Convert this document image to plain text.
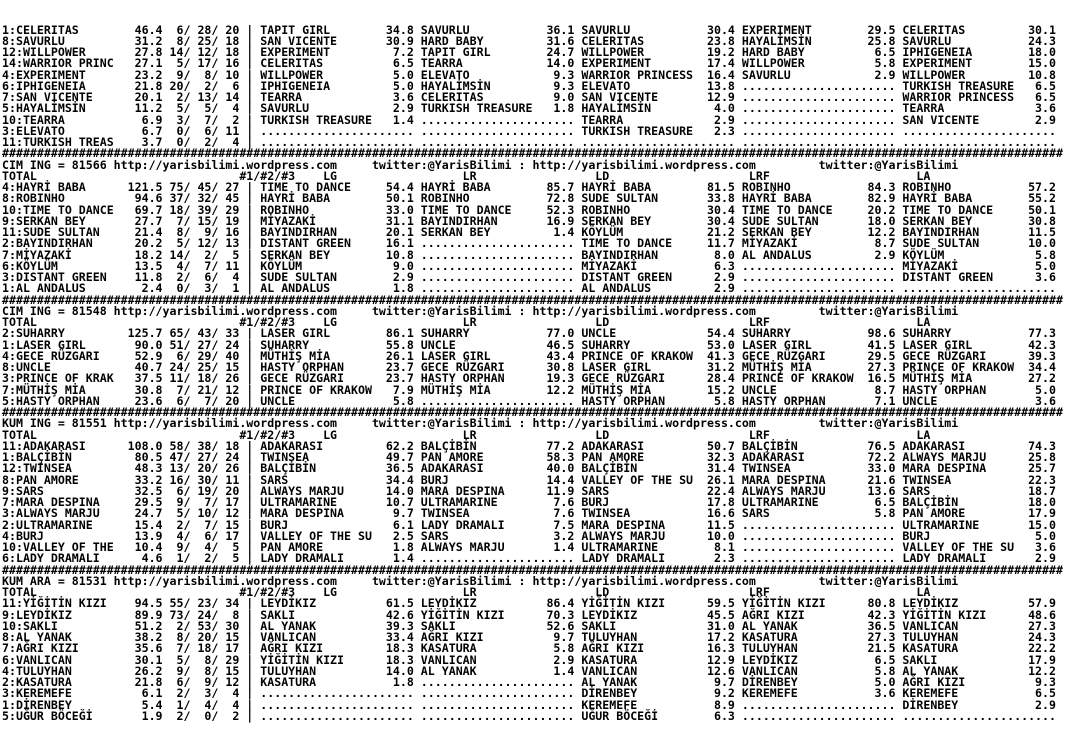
1:CELERITAS        46.4  6/ 28/ 20 | TAPIT GIRL        34.8 SAVURLU           36.1 SAVURLU           30.4 EXPERIMENT        29.5 CELERITAS         30.1
8:SAVURLU          31.2  8/ 25/ 18 | SAN VICENTE       30.9 HARD BABY         31.6 CELERITAS         23.8 HAYALİMSİN        25.8 SAVURLU           24.3
12:WILLPOWER       27.8 14/ 12/ 18 | EXPERIMENT         7.2 TAPIT GIRL        24.7 WILLPOWER         19.2 HARD BABY          6.5 IPHIGENEIA        18.0
14:WARRIOR PRINC   27.1  5/ 17/ 16 | CELERITAS          6.5 TEARRA            14.0 EXPERIMENT        17.4 WILLPOWER          5.8 EXPERIMENT        15.0
4:EXPERIMENT       23.2  9/  8/ 10 | WILLPOWER          5.0 ELEVATO            9.3 WARRIOR PRINCESS  16.4 SAVURLU            2.9 WILLPOWER         10.8
6:IPHIGENEIA       21.8 20/  2/  6 | IPHIGENEIA         5.0 HAYALİMSİN         9.3 ELEVATO           13.8 ...................... TURKISH TREASURE   6.5
7:SAN VICENTE      20.1  2/ 13/ 14 | TEARRA             3.6 CELERITAS          9.0 SAN VICENTE       12.9 ...................... WARRIOR PRINCESS   6.5
5:HAYALİMSİN       11.2  5/  5/  4 | SAVURLU            2.9 TURKISH TREASURE   1.8 HAYALİMSİN         4.0 ...................... TEARRA             3.6
10:TEARRA           6.9  3/  7/  2 | TURKISH TREASURE   1.4 ...................... TEARRA             2.9 ...................... SAN VICENTE        2.9
3:ELEVATO           6.7  0/  6/ 11 | ...................... ...................... TURKISH TREASURE   2.3 ...................... ......................
11:TURKISH TREAS    3.7  0/  2/  4 | ...................... ...................... ...................... ...................... ......................
########################################################################################################################################################
CIM ING = 81566 http://yarisbilimi.wordpress.com     twitter:@YarisBilimi : http://yarisbilimi.wordpress.com         twitter:@YarisBilimi
TOTAL                             #1/#2/#3    LG                  LR                 LD                    LRF                     LA
4:HAYRİ BABA      121.5 75/ 45/ 27 | TIME TO DANCE     54.4 HAYRİ BABA        85.7 HAYRİ BABA        81.5 ROBINHO           84.3 ROBINHO           57.2
8:ROBINHO          94.6 37/ 32/ 45 | HAYRİ BABA        50.1 ROBINHO           72.8 SUDE SULTAN       33.8 HAYRİ BABA        82.9 HAYRİ BABA        55.2
10:TIME TO DANCE   69.7 18/ 39/ 29 | ROBINHO           33.0 TIME TO DANCE     52.3 ROBINHO           30.4 TIME TO DANCE     20.2 TIME TO DANCE     50.1
9:SERKAN BEY       27.7  7/ 15/ 19 | MİYAZAKİ          31.1 BAYINDIRHAN       16.9 SERKAN BEY        30.4 SUDE SULTAN       18.0 SERKAN BEY        30.8
11:SUDE SULTAN     21.4  8/  9/ 16 | BAYINDIRHAN       20.1 SERKAN BEY         1.4 KÖYLÜM            21.2 SERKAN BEY        12.2 BAYINDIRHAN       11.5
2:BAYINDIRHAN      20.2  5/ 12/ 13 | DISTANT GREEN     16.1 ...................... TIME TO DANCE     11.7 MİYAZAKİ           8.7 SUDE SULTAN       10.0
7:MİYAZAKİ         18.2 14/  2/  5 | SERKAN BEY        10.8 ...................... BAYINDIRHAN        8.0 AL ANDALUS         2.9 KÖYLÜM             5.8
6:KÖYLÜM           13.5  4/  7/ 11 | KÖYLÜM             9.0 ...................... MİYAZAKİ           6.3 ...................... MİYAZAKİ           5.0
3:DISTANT GREEN    11.8  2/  6/  4 | SUDE SULTAN        2.9 ...................... DISTANT GREEN      2.9 ...................... DISTANT GREEN      3.6
1:AL ANDALUS        2.4  0/  3/  1 | AL ANDALUS         1.8 ...................... AL ANDALUS         2.9 ...................... ......................
########################################################################################################################################################
CIM ING = 81548 http://yarisbilimi.wordpress.com     twitter:@YarisBilimi : http://yarisbilimi.wordpress.com         twitter:@YarisBilimi
TOTAL                             #1/#2/#3    LG                  LR                 LD                    LRF                     LA
2:SUHARRY         125.7 65/ 43/ 33 | LASER GIRL        86.1 SUHARRY           77.0 UNCLE             54.4 SUHARRY           98.6 SUHARRY           77.3
1:LASER GIRL       90.0 51/ 27/ 24 | SUHARRY           55.8 UNCLE             46.5 SUHARRY           53.0 LASER GIRL        41.5 LASER GIRL        42.3
4:GECE RÜZGARI     52.9  6/ 29/ 40 | MÜTHİŞ MİA        26.1 LASER GIRL        43.4 PRINCE OF KRAKOW  41.3 GECE RÜZGARI      29.5 GECE RÜZGARI      39.3
8:UNCLE            40.7 24/ 25/ 15 | HASTY ORPHAN      23.7 GECE RÜZGARI      30.8 LASER GIRL        31.2 MÜTHİŞ MİA        27.3 PRINCE OF KRAKOW  34.4
3:PRINCE OF KRAK   37.5 11/ 18/ 26 | GECE RÜZGARI      23.7 HASTY ORPHAN      19.3 GECE RÜZGARI      28.4 PRINCE OF KRAKOW  16.5 MÜTHİŞ MİA        27.2
7:MÜTHİŞ MİA       30.8  7/ 21/ 12 | PRINCE OF KRAKOW   7.9 MÜTHİŞ MİA        12.2 MÜTHİŞ MİA        15.2 UNCLE              8.7 HASTY ORPHAN       5.0
5:HASTY ORPHAN     23.6  6/  7/ 20 | UNCLE              5.8 ...................... HASTY ORPHAN       5.8 HASTY ORPHAN       7.1 UNCLE              3.6
########################################################################################################################################################
KUM ING = 81551 http://yarisbilimi.wordpress.com     twitter:@YarisBilimi : http://yarisbilimi.wordpress.com         twitter:@YarisBilimi
TOTAL                             #1/#2/#3    LG                  LR                 LD                    LRF                     LA
11:ADAKARASI      108.0 58/ 38/ 18 | ADAKARASI         62.2 BALÇİBİN          77.2 ADAKARASI         50.7 BALÇİBİN          76.5 ADAKARASI         74.3
1:BALÇİBİN         80.5 47/ 27/ 24 | TWINSEA           49.7 PAN AMORE         58.3 PAN AMORE         32.3 ADAKARASI         72.2 ALWAYS MARJU      25.8
12:TWINSEA         48.3 13/ 20/ 26 | BALÇİBİN          36.5 ADAKARASI         40.0 BALÇİBİN          31.4 TWINSEA           33.0 MARA DESPINA      25.7
8:PAN AMORE        33.2 16/ 30/ 11 | SARS              34.4 BURJ              14.4 VALLEY OF THE SU  26.1 MARA DESPINA      21.6 TWINSEA           22.3
9:SARS             32.5  6/ 19/ 20 | ALWAYS MARJU      14.0 MARA DESPINA      11.9 SARS              22.4 ALWAYS MARJU      13.6 SARS              18.7
7:MARA DESPINA     29.5  9/  7/ 17 | ULTRAMARINE       10.7 ULTRAMARINE        7.6 BURJ              17.8 ULTRAMARINE        6.5 BALÇİBİN          18.0
3:ALWAYS MARJU     24.7  5/ 10/ 12 | MARA DESPINA       9.7 TWINSEA            7.6 TWINSEA           16.6 SARS               5.8 PAN AMORE         17.9
2:ULTRAMARINE      15.4  2/  7/ 15 | BURJ               6.1 LADY DRAMALI       7.5 MARA DESPINA      11.5 ...................... ULTRAMARINE       15.0
4:BURJ             13.9  4/  6/ 17 | VALLEY OF THE SU   2.5 SARS               3.2 ALWAYS MARJU      10.0 ...................... BURJ               5.0
10:VALLEY OF THE   10.4  9/  4/  5 | PAN AMORE          1.8 ALWAYS MARJU       1.4 ULTRAMARINE        8.1 ...................... VALLEY OF THE SU   3.6
6:LADY DRAMALI      4.6  1/  2/  5 | LADY DRAMALI       1.4 ...................... LADY DRAMALI       2.3 ...................... LADY DRAMALI       2.9
########################################################################################################################################################
KUM ARA = 81531 http://yarisbilimi.wordpress.com     twitter:@YarisBilimi : http://yarisbilimi.wordpress.com         twitter:@YarisBilimi
TOTAL                             #1/#2/#3    LG                  LR                 LD                    LRF                     LA
11:YİĞİTİN KIZI    94.5 55/ 23/ 34 | LEYDİKIZ          61.5 LEYDİKIZ          86.4 YİĞİTİN KIZI      59.5 YİĞİTİN KIZI      80.8 LEYDİKIZ          57.9
9:LEYDİKIZ         89.9 73/ 24/  8 | SAKLI             42.6 YİĞİTİN KIZI      70.3 LEYDİKIZ          45.5 AĞRI KIZI         42.3 YİĞİTİN KIZI      48.6
10:SAKLI           51.2  2/ 53/ 30 | AL YANAK          39.3 SAKLI             52.6 SAKLI             31.0 AL YANAK          36.5 VANLICAN          27.3
8:AL YANAK         38.2  8/ 20/ 15 | VANLICAN          33.4 AĞRI KIZI          9.7 TULUYHAN          17.2 KASATURA          27.3 TULUYHAN          24.3
7:AĞRI KIZI        35.6  7/ 18/ 17 | AĞRI KIZI         18.3 KASATURA           5.8 AĞRI KIZI         16.3 TULUYHAN          21.5 KASATURA          22.2
6:VANLICAN         30.1  5/  8/ 29 | YİĞİTİN KIZI      18.3 VANLICAN           2.9 KASATURA          12.9 LEYDİKIZ           6.5 SAKLI             17.9
4:TULUYHAN         26.2  9/  8/ 15 | TULUYHAN          14.0 AL YANAK           1.4 VANLICAN          12.6 VANLICAN           5.8 AL YANAK          12.2
2:KASATURA         21.8  6/  9/ 12 | KASATURA           1.8 ...................... AL YANAK           9.7 DİRENBEY           5.0 AĞRI KIZI          9.3
3:KEREMEFE          6.1  2/  3/  4 | ...................... ...................... DİRENBEY           9.2 KEREMEFE           3.6 KEREMEFE           6.5
1:DİRENBEY          5.4  1/  4/  4 | ...................... ...................... KEREMEFE           8.9 ...................... DİRENBEY           2.9
5:UĞUR BÖCEĞİ       1.9  2/  0/  2 | ...................... ...................... UĞUR BÖCEĞİ        6.3 ...................... ......................
